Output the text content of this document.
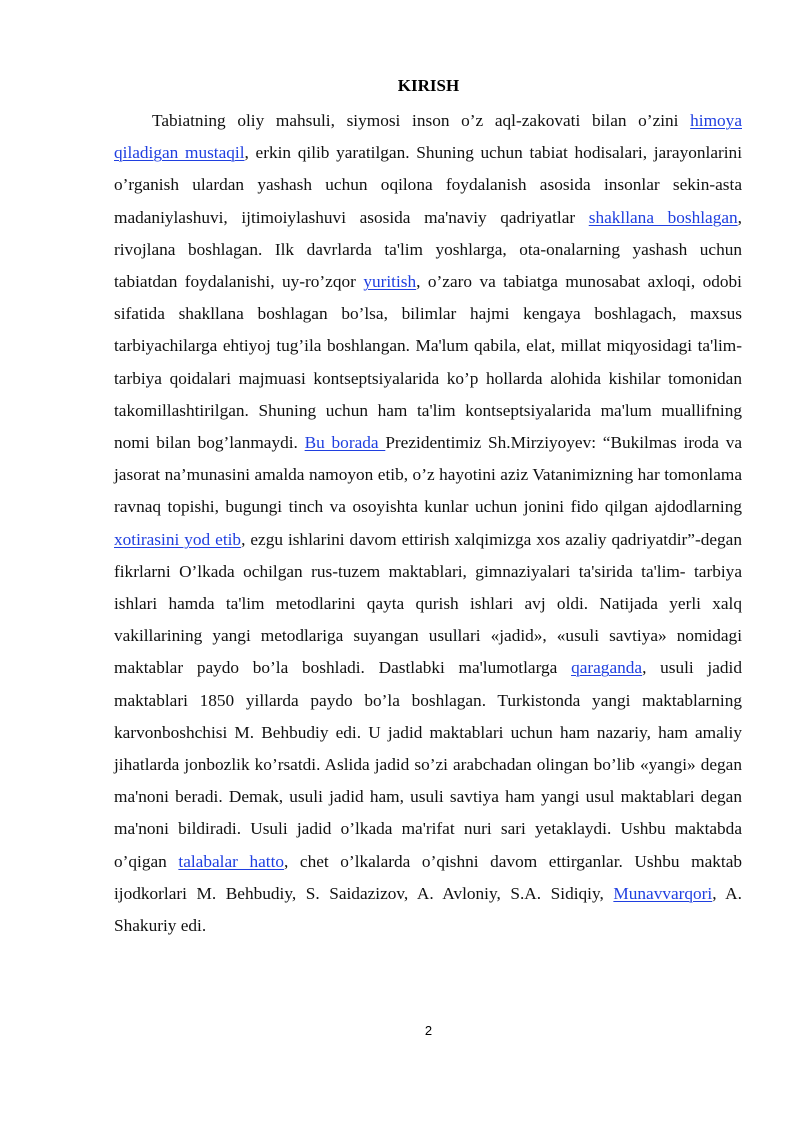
KIRISH

Tabiatning oliy mahsuli, siymosi inson o’z aql-zakovati bilan o’zini himoya qiladigan mustaqil, erkin qilib yaratilgan. Shuning uchun tabiat hodisalari, jarayonlarini o’rganish ulardan yashash uchun oqilona foydalanish asosida insonlar sekin-asta madaniylashuvi, ijtimoiylashuvi asosida ma'naviy qadriyatlar shakllana boshlagan, rivojlana boshlagan. Ilk davrlarda ta'lim yoshlarga, ota-onalarning yashash uchun tabiatdan foydalanishi, uy-ro’zqor yuritish, o’zaro va tabiatga munosabat axloqi, odobi sifatida shakllana boshlagan bo’lsa, bilimlar hajmi kengaya boshlagach, maxsus tarbiyachilarga ehtiyoj tug’ila boshlangan. Ma'lum qabila, elat, millat miqyosidagi ta'lim-tarbiya qoidalari majmuasi kontseptsiyalarida ko’p hollarda alohida kishilar tomonidan takomillashtirilgan. Shuning uchun ham ta'lim kontseptsiyalarida ma'lum muallifning nomi bilan bog’lanmaydi. Bu borada Prezidentimiz Sh.Mirziyoyev: “Bukilmas iroda va jasorat na’munasini amalda namoyon etib, o’z hayotini aziz Vatanimizning har tomonlama ravnaq topishi, bugungi tinch va osoyishta kunlar uchun jonini fido qilgan ajdodlarning xotirasini yod etib, ezgu ishlarini davom ettirish xalqimizga xos azaliy qadriyatdir”-degan fikrlarni O’lkada ochilgan rus-tuzem maktablari, gimnaziyalari ta'sirida ta'lim- tarbiya ishlari hamda ta'lim metodlarini qayta qurish ishlari avj oldi. Natijada yerli xalq vakillarining yangi metodlariga suyangan usullari «jadid», «usuli savtiya» nomidagi maktablar paydo bo’la boshladi. Dastlabki ma'lumotlarga qaraganda, usuli jadid maktablari 1850 yillarda paydo bo’la boshlagan. Turkistonda yangi maktablarning karvonboshchisi M. Behbudiy edi. U jadid maktablari uchun ham nazariy, ham amaliy jihatlarda jonbozlik ko’rsatdi. Aslida jadid so’zi arabchadan olingan bo’lib «yangi» degan ma'noni beradi. Demak, usuli jadid ham, usuli savtiya ham yangi usul maktablari degan ma'noni bildiradi. Usuli jadid o’lkada ma'rifat nuri sari yetaklaydi. Ushbu maktabda o’qigan talabalar hatto, chet o’lkalarda o’qishni davom ettirganlar. Ushbu maktab ijodkorlari M. Behbudiy, S. Saidazizov, A. Avloniy, S.A. Sidiqiy, Munavvarqori, A. Shakuriy edi.

2
